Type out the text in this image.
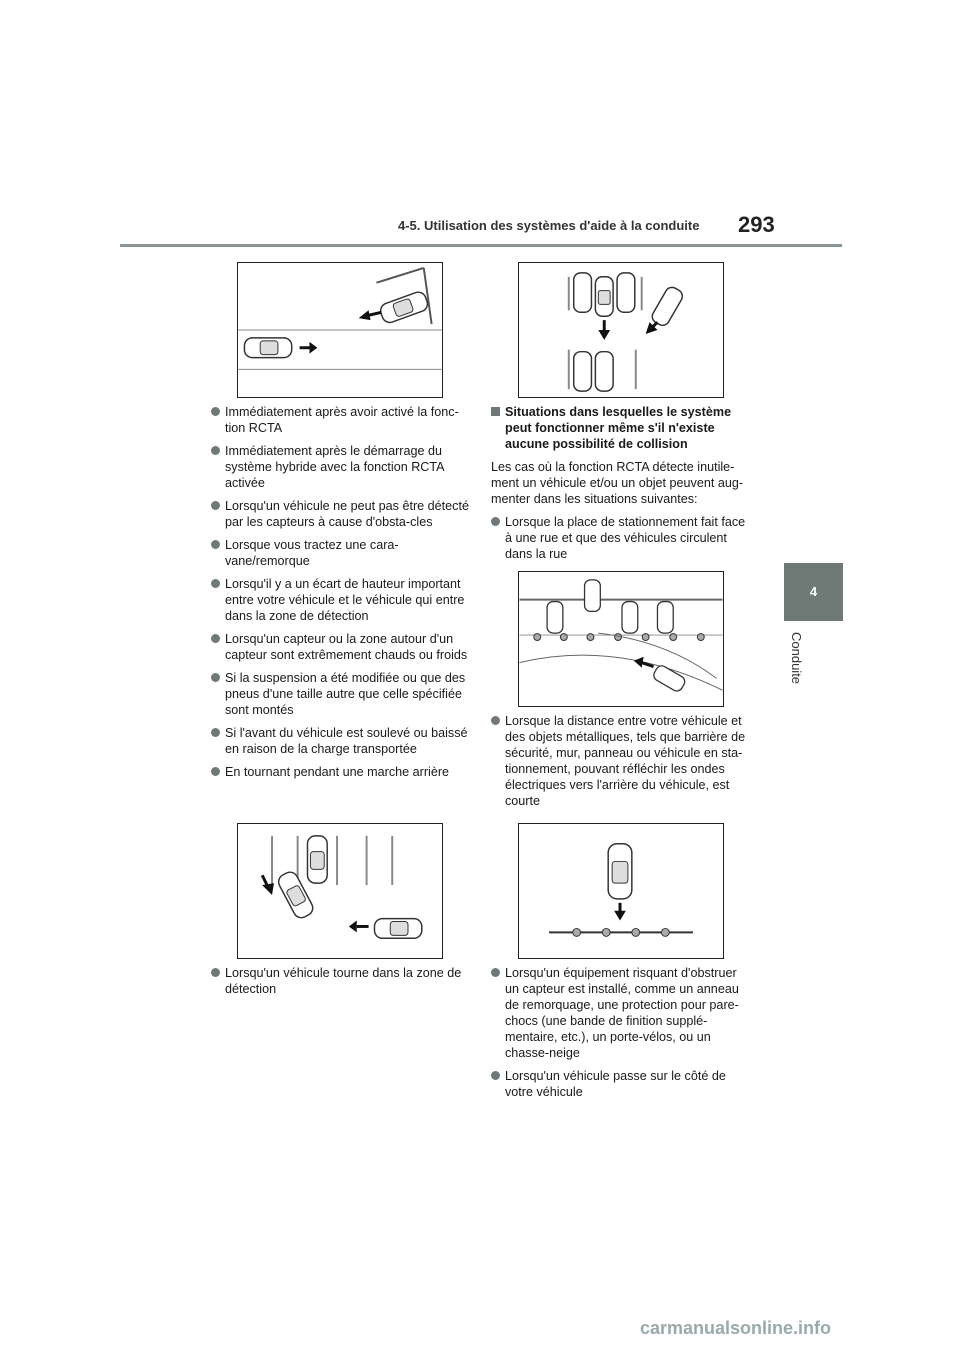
4-5. Utilisation des systèmes d'aide à la conduite 293
4
Conduite
Immédiatement après avoir activé la fonc-tion RCTA
Immédiatement après le démarrage du système hybride avec la fonction RCTA activée
Lorsqu'un véhicule ne peut pas être détecté par les capteurs à cause d'obsta-cles
Lorsque vous tractez une cara-vane/remorque
Lorsqu'il y a un écart de hauteur important entre votre véhicule et le véhicule qui entre dans la zone de détection
Lorsqu'un capteur ou la zone autour d'un capteur sont extrêmement chauds ou froids
Si la suspension a été modifiée ou que des pneus d'une taille autre que celle spécifiée sont montés
Si l'avant du véhicule est soulevé ou baissé en raison de la charge transportée
En tournant pendant une marche arrière
Lorsqu'un véhicule tourne dans la zone de détection
Situations dans lesquelles le système peut fonctionner même s'il n'existe aucune possibilité de collision

Les cas où la fonction RCTA détecte inutile-ment un véhicule et/ou un objet peuvent aug-menter dans les situations suivantes:

Lorsque la place de stationnement fait face à une rue et que des véhicules circulent dans la rue
Lorsque la distance entre votre véhicule et des objets métalliques, tels que barrière de sécurité, mur, panneau ou véhicule en sta-tionnement, pouvant réfléchir les ondes électriques vers l'arrière du véhicule, est courte
Lorsqu'un équipement risquant d'obstruer un capteur est installé, comme un anneau de remorquage, une protection pour pare-chocs (une bande de finition supplé-mentaire, etc.), un porte-vélos, ou un chasse-neige
Lorsqu'un véhicule passe sur le côté de votre véhicule
carmanualsonline.info
